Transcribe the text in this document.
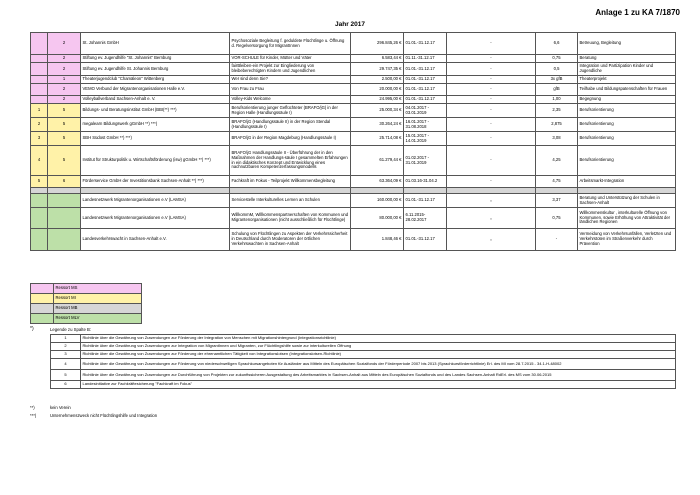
Anlage 1 zu KA 7/1870
Jahr 2017
	2	St. Johannis GmbH	Psychosoziale Begleitung f. geduldete Flüchtlinge u. Öffnung d. Regelversorgung für MigrantInnen	296.845,26 €	01.01.-31.12.17	-	6,6	Betreuung, Begleitung
	2	Stiftung ev. Jugendhilfe "St. Johannis" Bernburg	VOR-SCHULE für Kinder, Mütter und Väter	6.583,44 €	01.11.-31.12.17	-	0,75	Beratung
	2	Stiftung ev. Jugendhilfe St. Johannis Bernburg	fairBleiben-ein Projekt zur Eingliederung von bleibeberechtigten Kindern und Jugendlichen	29.747,35 €	01.01.-31.12.17	-	0,5	Integration und Partizipation Kinder und Jugendliche
	1	Theaterjugendclub "Chamäleon" Wittenberg	Wer sind denn Sie?	2.500,00 €	01.01.-31.12.17	-	3x gfB	Theaterprojekt
	2	VEMO Verbund der Migrantenorganisationen Halle e.V.	Von Frau zu Frau	20.000,00 €	01.01.-31.12.17	-	gfB	Teilhabe und Bildungspatenschaften für Frauen
	2	Volleyballverband Sachsen-Anhalt e. V.	Volley-Kids Welcome	24.995,00 €	01.01.-31.12.17	-	1,00	Begegnung
1	5	Bildungs- und Beratungsinstitut GmbH (BBI(**) ***)	Berufsorientierung junger Geflüchteter (BRAFO/jG) in der Region Halle (Handlungssäule I)	25.000,34 €	04.01.2017 - 03.01.2019	-	2,35	Berufsorientierung
2	5	megalearn Bildungswerk gGmbH **) ***)	BRAFO/jG (Handlungssäule II) in der Region Stendal (Handlungssäule I)	30.264,24 €	16.01.2017 - 31.08.2018	-	2,875	Berufsorientierung
3	5	SBH Südost GmbH **) ***)	BRAFO/jG in der Region Magdeburg (Handlungssäule I)	25.714,08 €	15.01.2017 - 14.01.2019	-	3,08	Berufsorientierung
4	5	Institut für Strukturpolitik u. Wirtschaftsförderung (isw) gGmbH **) ***)	BRAFO/jG Handlungssäule II - Überführung der in den Maßnahmen der Handlungs-säule I gesammelten Erfahrungen in ein didaktisches Konzept und Entwicklung eines nachnutzbaren Kompetenzerfassungsmodells	61.279,44 €	01.02.2017 - 31.01.2019	-	4,25	Berufsorientierung
5	6	Förderservice GmbH der Investitionsbank Sachsen-Anhalt **) ***)	Fachkraft im Fokus - Teilprojekt Willkommensbegleitung	63.364,09 €	01.03.16-31.04.2	-	4,75	Arbeitsmarkt-Integration

		Landesnetzwerk Migrantenorganisationen e.V (LAMSA)	Servicestelle Interkulturelles Lernen an Schulen	160.000,00 €	01.01.-31.12.17	„	3,37	Beratung und Unterstützung der Schulen in Sachsen-Anhalt
		Landesnetzwerk Migrantenorganisationen e.V (LAMSA)	WillkommM, Willkommenspartnerschaften von Kommunen und Migrantenorganisationen (nicht ausschließlich für Flüchtlinge)	80.000,00 €	6.11.2015-28.02.2017	„	0,75	Willkommenskultur , interkulturelle Öffnung von Kommunen, sowie Erhöhung von Attraktivität der ländlichen Regionen
		Landesverkehrswacht in Sachsen-Anhalt e.V.	Schulung von Flüchtlingen zu Aspekten der Verkehrssicherheit in Deutschland durch Moderatoren der örtlichen Verkehrswachten in Sachsen-Anhalt	1.848,46 €	01.01.-31.12.17	„	-	Vermeidung von Verkehrsunfällen, Verletzten und Verkehrstoten im Straßenverkehr durch Prävention
	Ressort MS
	Ressort MI
	Ressort MB
	Ressort MLV
*)	Legende zu Spalte B:
1	Richtlinie über die Gewährung von Zuwendungen zur Förderung der Integration von Menschen mit Migrationshintergrund (Integrationsrichtlinie)
2	Richtlinie über die Gewährung von Zuwendungen zur Integration von MigrantInnen und Migranten, zur Flüchtlingshilfe sowie zur interkulturellen Öffnung
3	Richtlinie über die Gewährung von Zuwendungen zur Förderung der ehrenamtlichen Tätigkeit von Integrationslotsen (Integrationslotsen-Richtlinie)
4	Richtlinie über die Gewährung von Zuwendungen zur Förderung von niederschwelligen Sprachkursangeboten für Ausländer aus Mitteln des Europäischen Sozialfonds der Förderperiode 2007 bis 2013 (Sprachkursförderrichtlinie) Erl. des MI vom 28.7.2015 - 34.1-H-48002
5	Richtlinie über die Gewährung von Zuwendungen zur Durchführung von Projekten zur zukunftssicheren Ausgestaltung des Arbeitsmarktes in Sachsen-Anhalt aus Mitteln des Europäischen Sozialfonds und des Landes Sachsen-Anhalt RdErl. des MS vom 30.06.2015
6	Landesinitiative zur Fachkräftesicherung "Fachkraft im Fokus"
**)	kein Verein
***)	Unternehmenszweck nicht Flüchtlingshilfe und Integration
